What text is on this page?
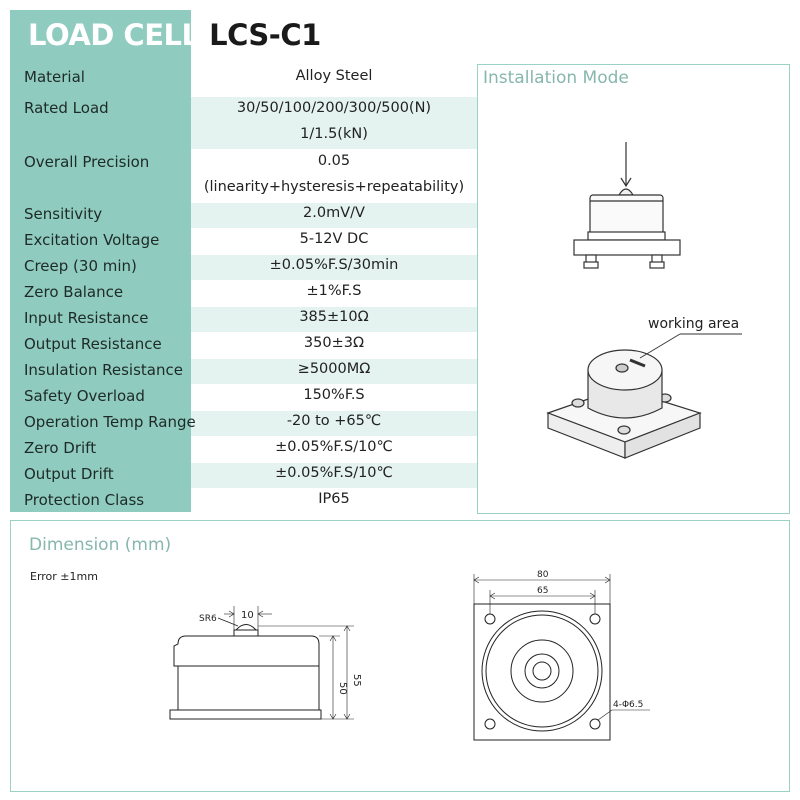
LOAD CELL LCS-C1
Material	Alloy Steel
Rated Load	30/50/100/200/300/500(N)
1/1.5(kN)
Overall Precision	0.05
(linearity+hysteresis+repeatability)
Sensitivity	2.0mV/V
Excitation Voltage	5-12V DC
Creep (30 min)	±0.05%F.S/30min
Zero Balance	±1%F.S
Input Resistance	385±10Ω
Output Resistance	350±3Ω
Insulation Resistance	≥5000MΩ
Safety Overload	150%F.S
Operation Temp Range	-20 to +65℃
Zero Drift	±0.05%F.S/10℃
Output Drift	±0.05%F.S/10℃
Protection Class	IP65
Installation Mode
working area
Dimension (mm)
Error ±1mm
SR6 10
50
55
80
65
4-Φ6.5
